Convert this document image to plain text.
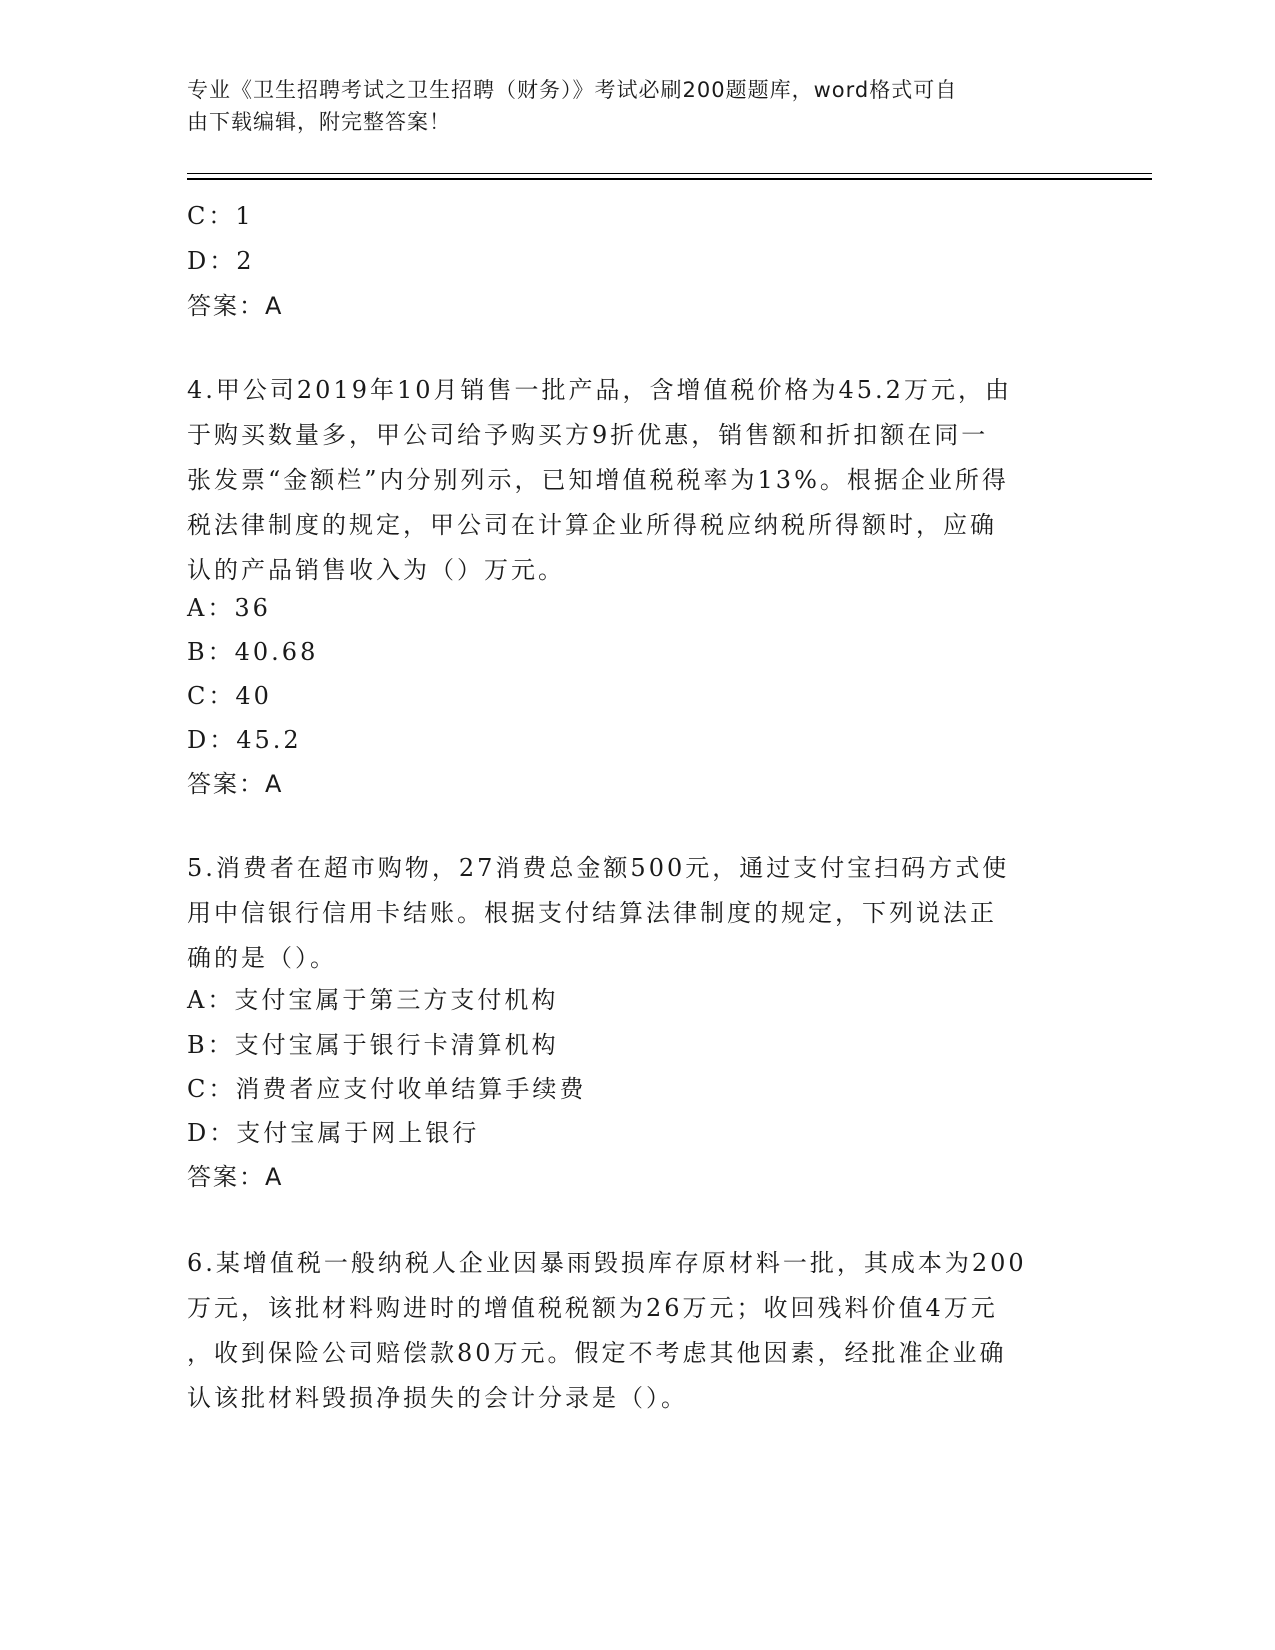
专业《卫生招聘考试之卫生招聘（财务）》考试必刷200题题库，word格式可自
由下载编辑，附完整答案！
C：1
D：2
答案：A
4.甲公司2019年10月销售一批产品，含增值税价格为45.2万元，由
于购买数量多，甲公司给予购买方9折优惠，销售额和折扣额在同一
张发票“金额栏”内分别列示，已知增值税税率为13%。根据企业所得
税法律制度的规定，甲公司在计算企业所得税应纳税所得额时，应确
认的产品销售收入为（）万元。
A：36
B：40.68
C：40
D：45.2
答案：A
5.消费者在超市购物，27消费总金额500元，通过支付宝扫码方式使
用中信银行信用卡结账。根据支付结算法律制度的规定，下列说法正
确的是（）。
A：支付宝属于第三方支付机构
B：支付宝属于银行卡清算机构
C：消费者应支付收单结算手续费
D：支付宝属于网上银行
答案：A
6.某增值税一般纳税人企业因暴雨毁损库存原材料一批，其成本为200
万元，该批材料购进时的增值税税额为26万元；收回残料价值4万元
，收到保险公司赔偿款80万元。假定不考虑其他因素，经批准企业确
认该批材料毁损净损失的会计分录是（）。
